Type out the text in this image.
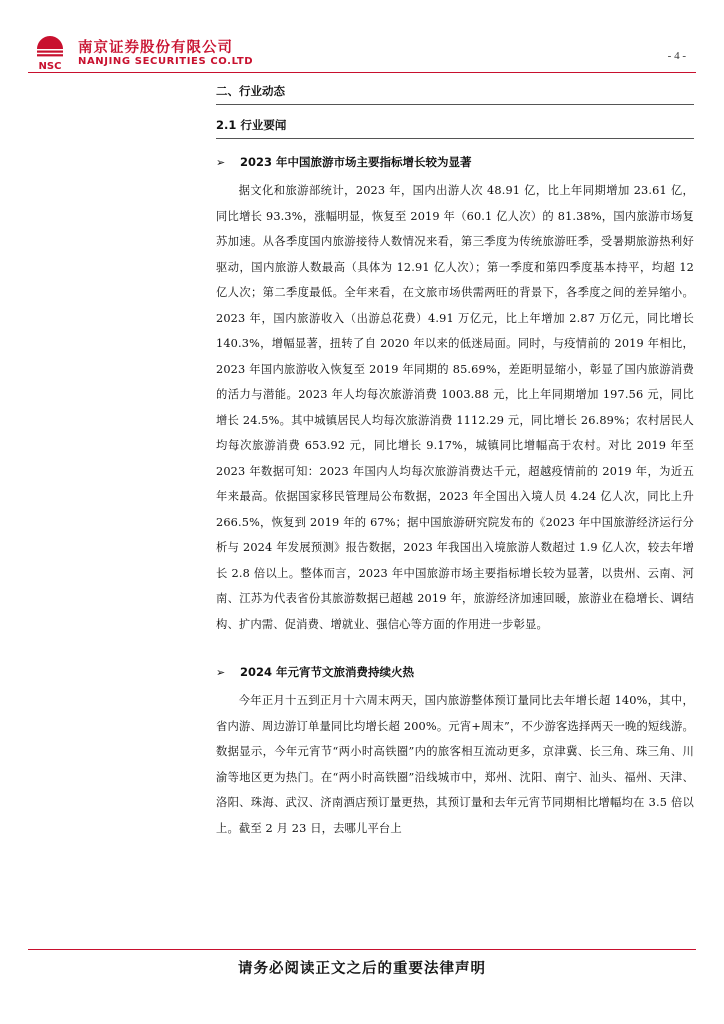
NSC
南京证券股份有限公司
NANJING SECURITIES CO.LTD	- 4 -
二、行业动态
2.1 行业要闻
➢	2023 年中国旅游市场主要指标增长较为显著

据文化和旅游部统计，2023 年，国内出游人次 48.91 亿，比上年同期增加 23.61 亿，同比增长 93.3%，涨幅明显，恢复至 2019 年（60.1 亿人次）的 81.38%，国内旅游市场复苏加速。从各季度国内旅游接待人数情况来看，第三季度为传统旅游旺季，受暑期旅游热利好驱动，国内旅游人数最高（具体为 12.91 亿人次）；第一季度和第四季度基本持平，均超 12 亿人次；第二季度最低。全年来看，在文旅市场供需两旺的背景下，各季度之间的差异缩小。2023 年，国内旅游收入（出游总花费）4.91 万亿元，比上年增加 2.87 万亿元，同比增长 140.3%，增幅显著，扭转了自 2020 年以来的低迷局面。同时，与疫情前的 2019 年相比，2023 年国内旅游收入恢复至 2019 年同期的 85.69%，差距明显缩小，彰显了国内旅游消费的活力与潜能。2023 年人均每次旅游消费 1003.88 元，比上年同期增加 197.56 元，同比增长 24.5%。其中城镇居民人均每次旅游消费 1112.29 元，同比增长 26.89%；农村居民人均每次旅游消费 653.92 元，同比增长 9.17%，城镇同比增幅高于农村。对比 2019 年至 2023 年数据可知：2023 年国内人均每次旅游消费达千元，超越疫情前的 2019 年，为近五年来最高。依据国家移民管理局公布数据，2023 年全国出入境人员 4.24 亿人次，同比上升 266.5%，恢复到 2019 年的 67%；据中国旅游研究院发布的《2023 年中国旅游经济运行分析与 2024 年发展预测》报告数据，2023 年我国出入境旅游人数超过 1.9 亿人次，较去年增长 2.8 倍以上。整体而言，2023 年中国旅游市场主要指标增长较为显著，以贵州、云南、河南、江苏为代表省份其旅游数据已超越 2019 年，旅游经济加速回暖，旅游业在稳增长、调结构、扩内需、促消费、增就业、强信心等方面的作用进一步彰显。

➢	2024 年元宵节文旅消费持续火热

今年正月十五到正月十六周末两天，国内旅游整体预订量同比去年增长超 140%，其中，省内游、周边游订单量同比均增长超 200%。元宵+周末”，不少游客选择两天一晚的短线游。数据显示，今年元宵节“两小时高铁圈”内的旅客相互流动更多，京津冀、长三角、珠三角、川渝等地区更为热门。在“两小时高铁圈”沿线城市中，郑州、沈阳、南宁、汕头、福州、天津、洛阳、珠海、武汉、济南酒店预订量更热，其预订量和去年元宵节同期相比增幅均在 3.5 倍以上。截至 2 月 23 日，去哪儿平台上

请务必阅读正文之后的重要法律声明
